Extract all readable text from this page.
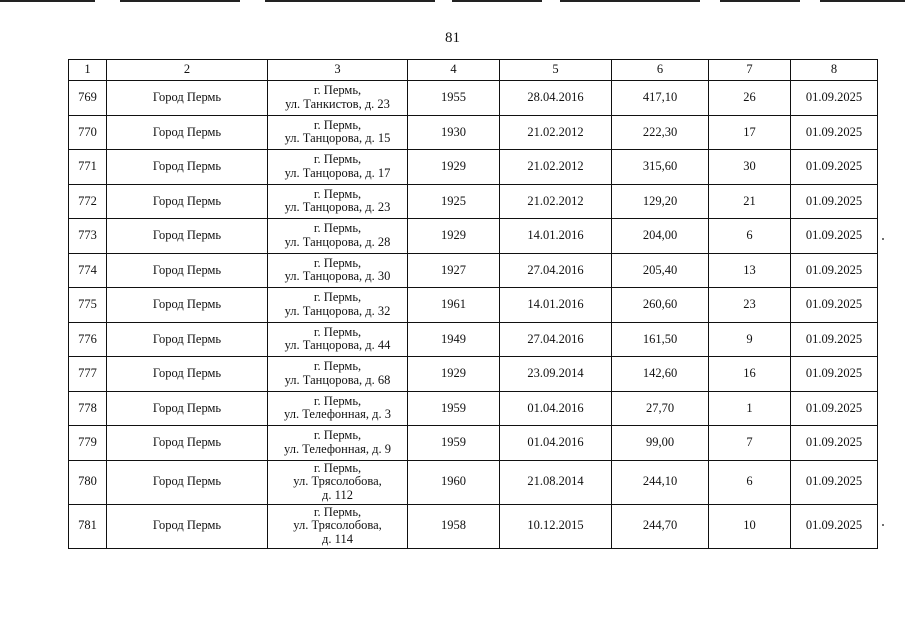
81
1	2	3	4	5	6	7	8
769	Город Пермь	г. Пермь,
ул. Танкистов, д. 23	1955	28.04.2016	417,10	26	01.09.2025
770	Город Пермь	г. Пермь,
ул. Танцорова, д. 15	1930	21.02.2012	222,30	17	01.09.2025
771	Город Пермь	г. Пермь,
ул. Танцорова, д. 17	1929	21.02.2012	315,60	30	01.09.2025
772	Город Пермь	г. Пермь,
ул. Танцорова, д. 23	1925	21.02.2012	129,20	21	01.09.2025
773	Город Пермь	г. Пермь,
ул. Танцорова, д. 28	1929	14.01.2016	204,00	6	01.09.2025
774	Город Пермь	г. Пермь,
ул. Танцорова, д. 30	1927	27.04.2016	205,40	13	01.09.2025
775	Город Пермь	г. Пермь,
ул. Танцорова, д. 32	1961	14.01.2016	260,60	23	01.09.2025
776	Город Пермь	г. Пермь,
ул. Танцорова, д. 44	1949	27.04.2016	161,50	9	01.09.2025
777	Город Пермь	г. Пермь,
ул. Танцорова, д. 68	1929	23.09.2014	142,60	16	01.09.2025
778	Город Пермь	г. Пермь,
ул. Телефонная, д. 3	1959	01.04.2016	27,70	1	01.09.2025
779	Город Пермь	г. Пермь,
ул. Телефонная, д. 9	1959	01.04.2016	99,00	7	01.09.2025
780	Город Пермь	г. Пермь,
ул. Трясолобова,
д. 112	1960	21.08.2014	244,10	6	01.09.2025
781	Город Пермь	г. Пермь,
ул. Трясолобова,
д. 114	1958	10.12.2015	244,70	10	01.09.2025
